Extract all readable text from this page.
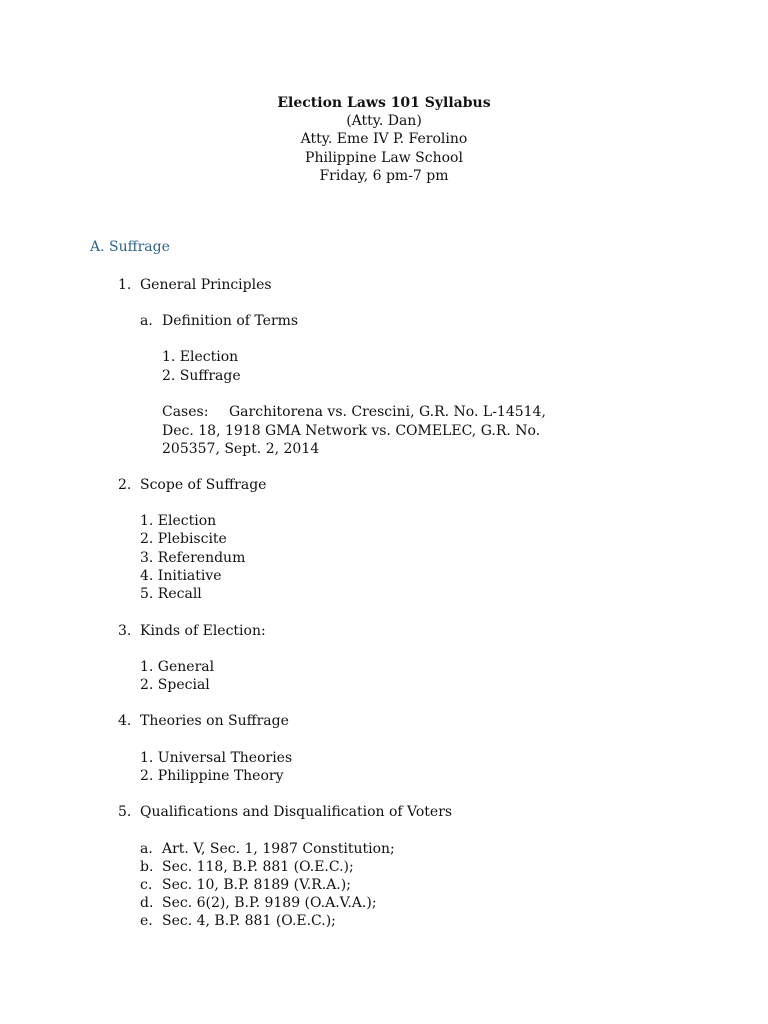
Election Laws 101 Syllabus
(Atty. Dan)
Atty. Eme IV P. Ferolino
Philippine Law School
Friday, 6 pm-7 pm
A. Suffrage
1. General Principles
a. Definition of Terms
1. Election
2. Suffrage
Cases: Garchitorena vs. Crescini, G.R. No. L-14514,
Dec. 18, 1918 GMA Network vs. COMELEC, G.R. No.
205357, Sept. 2, 2014
2. Scope of Suffrage
1. Election
2. Plebiscite
3. Referendum
4. Initiative
5. Recall
3. Kinds of Election:
1. General
2. Special
4. Theories on Suffrage
1. Universal Theories
2. Philippine Theory
5. Qualifications and Disqualification of Voters
a. Art. V, Sec. 1, 1987 Constitution;
b. Sec. 118, B.P. 881 (O.E.C.);
c. Sec. 10, B.P. 8189 (V.R.A.);
d. Sec. 6(2), B.P. 9189 (O.A.V.A.);
e. Sec. 4, B.P. 881 (O.E.C.);
